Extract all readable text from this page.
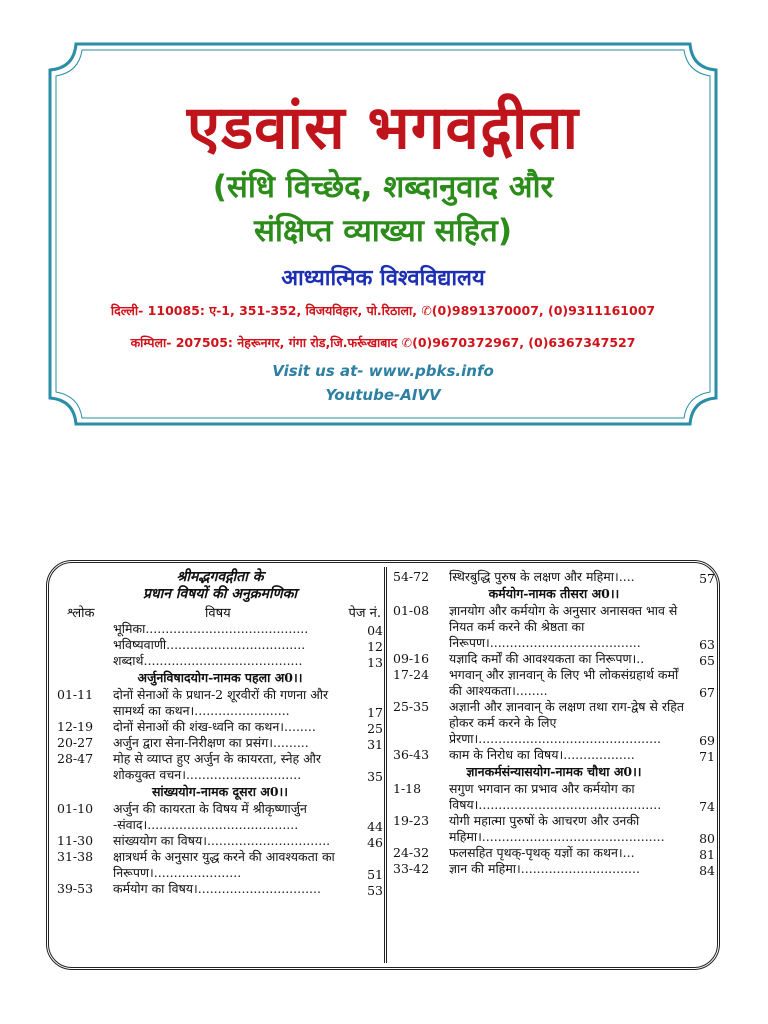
एडवांस भगवद्गीता
(संधि विच्छेद, शब्दानुवाद और
संक्षिप्त व्याख्या सहित)
आध्यात्मिक विश्वविद्यालय
दिल्ली- 110085: ए-1, 351-352, विजयविहार, पो.रिठाला, ✆(0)9891370007, (0)9311161007
कम्पिला- 207505: नेहरूनगर, गंगा रोड,जि.फर्रूखाबाद ✆(0)9670372967, (0)6367347527
Visit us at- www.pbks.info
Youtube-AIVV
श्रीमद्भगवद्गीता के
प्रधान विषयों की अनुक्रमणिका
श्लोक	विषय	पेज नं.
भूमिका.........................................	04
भविष्यवाणी...................................	12
शब्दार्थ........................................	13
अर्जुनविषादयोग-नामक पहला अ0।।
01-11 दोनों सेनाओं के प्रधान-2 शूरवीरों की गणना और सामर्थ्य का कथन।........................	17
12-19 दोनों सेनाओं की शंख-ध्वनि का कथन।........	25
20-27 अर्जुन द्वारा सेना-निरीक्षण का प्रसंग।.........	31
28-47 मोह से व्याप्त हुए अर्जुन के कायरता, स्नेह और शोकयुक्त वचन।.............................	35
सांख्ययोग-नामक दूसरा अ0।।
01-10 अर्जुन की कायरता के विषय में श्रीकृष्णार्जुन -संवाद।......................................	44
11-30 सांख्ययोग का विषय।...............................	46
31-38 क्षात्रधर्म के अनुसार युद्ध करने की आवश्यकता का निरूपण।......................	51
39-53 कर्मयोग का विषय।...............................	53
54-72 स्थिरबुद्धि पुरुष के लक्षण और महिमा।....	57
कर्मयोग-नामक तीसरा अ0।।
01-08 ज्ञानयोग और कर्मयोग के अनुसार अनासक्त भाव से नियत कर्म करने की श्रेष्ठता का निरूपण।......................................	63
09-16 यज्ञादि कर्मों की आवश्यकता का निरूपण।..	65
17-24 भगवान् और ज्ञानवान् के लिए भी लोकसंग्रहार्थ कर्मों की आश्यकता।........	67
25-35 अज्ञानी और ज्ञानवान् के लक्षण तथा राग-द्वेष से रहित होकर कर्म करने के लिए प्रेरणा।..............................................	69
36-43 काम के निरोध का विषय।..................	71
ज्ञानकर्मसंन्यासयोग-नामक चौथा अ0।।
1-18 सगुण भगवान का प्रभाव और कर्मयोग का विषय।..............................................	74
19-23 योगी महात्मा पुरुषों के आचरण और उनकी महिमा।..............................................	80
24-32 फलसहित पृथक्-पृथक् यज्ञों का कथन।...	81
33-42 ज्ञान की महिमा।..............................	84
